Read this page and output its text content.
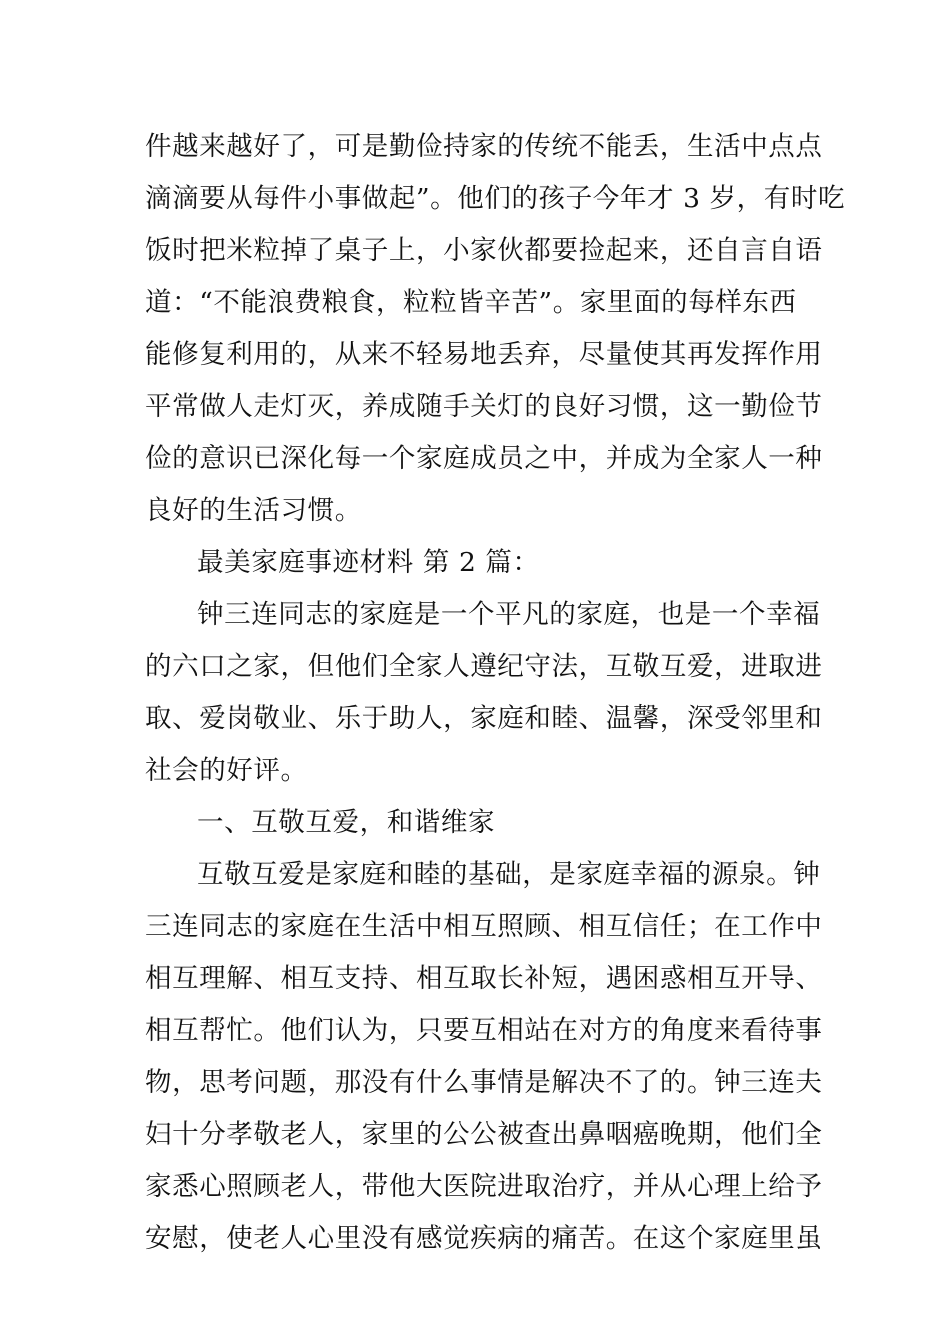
件越来越好了，可是勤俭持家的传统不能丢，生活中点点
滴滴要从每件小事做起”。他们的孩子今年才 3 岁，有时吃
饭时把米粒掉了桌子上，小家伙都要捡起来，还自言自语
道：“不能浪费粮食，粒粒皆辛苦”。家里面的每样东西
能修复利用的，从来不轻易地丢弃，尽量使其再发挥作用
平常做人走灯灭，养成随手关灯的良好习惯，这一勤俭节
俭的意识已深化每一个家庭成员之中，并成为全家人一种
良好的生活习惯。
最美家庭事迹材料 第 2 篇：
钟三连同志的家庭是一个平凡的家庭，也是一个幸福
的六口之家，但他们全家人遵纪守法，互敬互爱，进取进
取、爱岗敬业、乐于助人，家庭和睦、温馨，深受邻里和
社会的好评。
一、互敬互爱，和谐维家
互敬互爱是家庭和睦的基础，是家庭幸福的源泉。钟
三连同志的家庭在生活中相互照顾、相互信任；在工作中
相互理解、相互支持、相互取长补短，遇困惑相互开导、
相互帮忙。他们认为，只要互相站在对方的角度来看待事
物，思考问题，那没有什么事情是解决不了的。钟三连夫
妇十分孝敬老人，家里的公公被查出鼻咽癌晚期，他们全
家悉心照顾老人，带他大医院进取治疗，并从心理上给予
安慰，使老人心里没有感觉疾病的痛苦。在这个家庭里虽
